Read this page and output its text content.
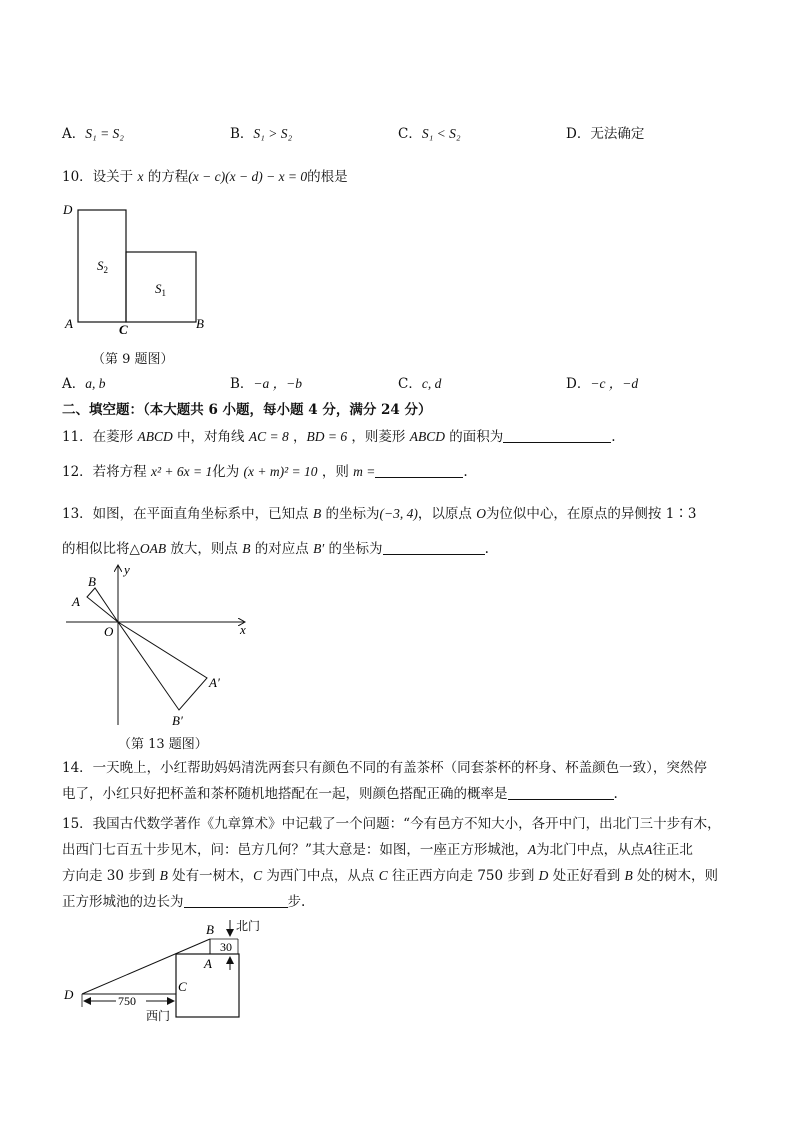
A．S₁ = S₂	B．S₁ > S₂	C．S₁ < S₂	D．无法确定
10．设关于 x 的方程(x − c)(x − d) − x = 0的根是
D
A	C	B
$S_2$
$S_1$
（第 9 题图）
A．a, b	B．−a ，−b	C．c, d	D．−c ，−d
二、填空题：（本大题共 6 小题，每小题 4 分，满分 24 分）
11．在菱形 ABCD 中，对角线 AC = 8 ，BD = 6 ，则菱形 ABCD 的面积为	.
12．若将方程 x² + 6x = 1化为 (x + m)² = 10 ，则 m =	.
13．如图，在平面直角坐标系中，已知点 B 的坐标为(−3, 4)，以原点 O为位似中心，在原点的异侧按 1∶3
的相似比将△OAB 放大，则点 B 的对应点 B′ 的坐标为	.
B
A
O
y
x
A′
B′
（第 13 题图）
14．一天晚上，小红帮助妈妈清洗两套只有颜色不同的有盖茶杯（同套茶杯的杯身、杯盖颜色一致），突然停
电了，小红只好把杯盖和茶杯随机地搭配在一起，则颜色搭配正确的概率是	.
15．我国古代数学著作《九章算术》中记载了一个问题：“今有邑方不知大小，各开中门，出北门三十步有木，
出西门七百五十步见木，问：邑方几何？”其大意是：如图，一座正方形城池，A为北门中点，从点A往正北
方向走 30 步到 B 处有一树木，C 为西门中点，从点 C 往正西方向走 750 步到 D 处正好看到 B 处的树木，则
正方形城池的边长为	步.
B 北门
30
A
D
C
750
西门
